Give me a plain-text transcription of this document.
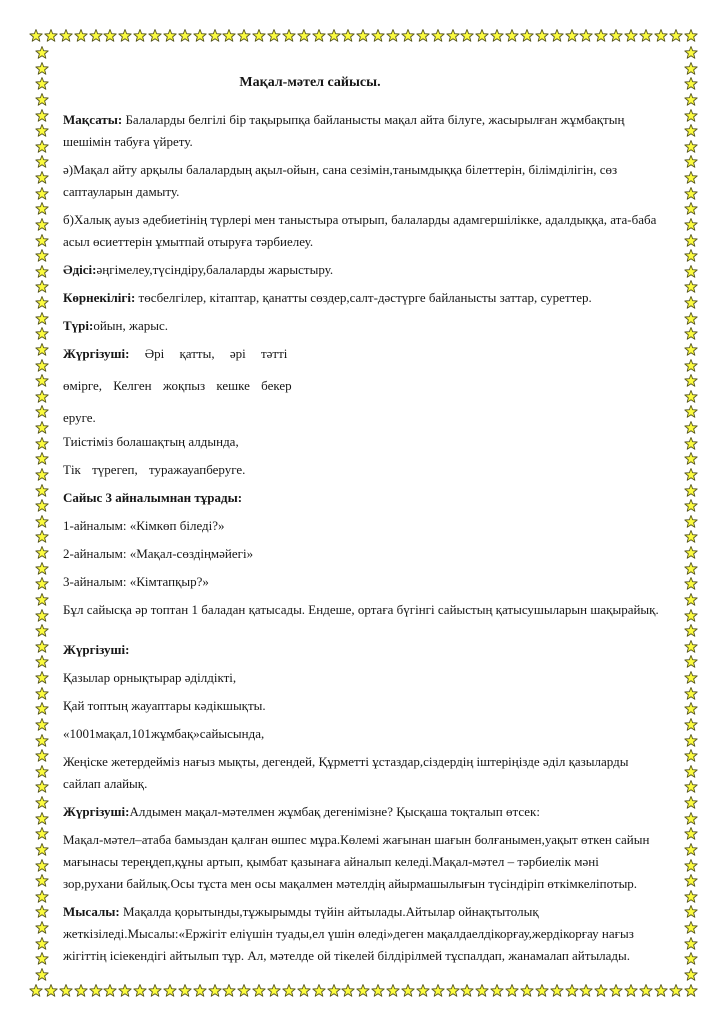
Мақал-мәтел сайысы.

Мақсаты: Балаларды белгілі бір тақырыпқа байланысты мақал айта білуге, жасырылған жұмбақтың шешімін табуға үйрету.

ә)Мақал айту арқылы балалардың ақыл-ойын, сана сезімін,танымдыққа білеттерін, білімділігін, сөз саптауларын дамыту.

б)Халық ауыз әдебиетінің түрлері мен таныстыра отырып, балаларды адамгершілікке, адалдыққа, ата-баба асыл өсиеттерін ұмытпай отыруға тәрбиелеу.

Әдісі:әңгімелеу,түсіндіру,балаларды жарыстыру.

Көрнекілігі: төсбелгілер, кітаптар, қанатты сөздер,салт-дәстүрге байланысты заттар, суреттер.

Түрі:ойын, жарыс.

Жүргізуші: Әрі қатты, әрі тәтті

өмірге, Келген жоқпыз кешке бекер

еруге.

Тиістіміз болашақтың алдында,

Тік түрегеп, туражауапберуге.

Сайыс 3 айналымнан тұрады:

1-айналым: «Кімкөп біледі?»

2-айналым: «Мақал-сөздіңмәйегі»

3-айналым: «Кімтапқыр?»

Бұл сайысқа әр топтан 1 баладан қатысады. Ендеше, ортаға бүгінгі сайыстың қатысушыларын шақырайық.

Жүргізуші:

Қазылар орнықтырар әділдікті,

Қай топтың жауаптары кәдікшықты.

«1001мақал,101жұмбақ»сайысында,

Жеңіске жетердейміз нағыз мықты, дегендей, Құрметті ұстаздар,сіздердің іштеріңізде әділ қазыларды сайлап алайық.

Жүргізуші:Алдымен мақал-мәтелмен жұмбақ дегенімізне? Қысқаша тоқталып өтсек:

Мақал-мәтел–атаба бамыздан қалған өшпес мұра.Көлемі жағынан шағын болғанымен,уақыт өткен сайын мағынасы тереңдеп,құны артып, қымбат қазынаға айналып келеді.Мақал-мәтел – тәрбиелік мәні зор,рухани байлық.Осы тұста мен осы мақалмен мәтелдің айырмашылығын түсіндіріп өткімкеліпотыр.

Мысалы: Мақалда қорытынды,тұжырымды түйін айтылады.Айтылар ойнақтытолық жеткізіледі.Мысалы:«Ержігіт еліүшін туады,ел үшін өледі»деген мақалдаелдікорғау,жердікорғау нағыз жігіттің ісіекендігі айтылып тұр. Ал, мәтелде ой тікелей білдірілмей тұспалдап, жанамалап айтылады.
